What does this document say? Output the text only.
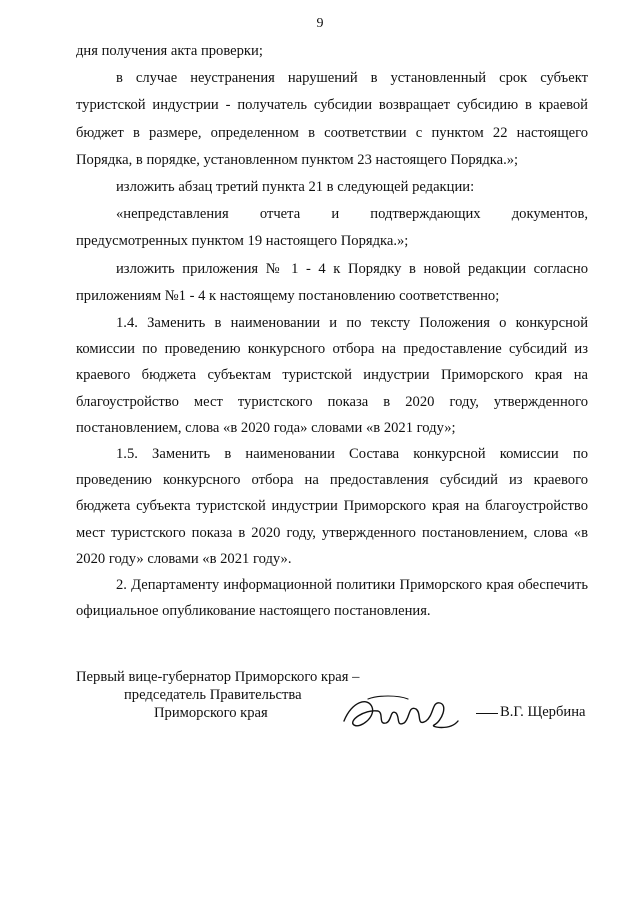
9

дня получения акта проверки;

в случае неустранения нарушений в установленный срок субъект туристской индустрии - получатель субсидии возвращает субсидию в краевой бюджет в размере, определенном в соответствии с пунктом 22 настоящего Порядка, в порядке, установленном пунктом 23 настоящего Порядка.»;

изложить абзац третий пункта 21 в следующей редакции:

«непредставления отчета и подтверждающих документов, предусмотренных пунктом 19 настоящего Порядка.»;

изложить приложения № 1 - 4 к Порядку в новой редакции согласно приложениям №1 - 4 к настоящему постановлению соответственно;

1.4. Заменить в наименовании и по тексту Положения о конкурсной комиссии по проведению конкурсного отбора на предоставление субсидий из краевого бюджета субъектам туристской индустрии Приморского края на благоустройство мест туристского показа в 2020 году, утвержденного постановлением, слова «в 2020 года» словами «в 2021 году»;

1.5. Заменить в наименовании Состава конкурсной комиссии по проведению конкурсного отбора на предоставления субсидий из краевого бюджета субъекта туристской индустрии Приморского края на благоустройство мест туристского показа в 2020 году, утвержденного постановлением, слова «в 2020 году» словами «в 2021 году».

2. Департаменту информационной политики Приморского края обеспечить официальное опубликование настоящего постановления.

Первый вице-губернатор Приморского края –
председатель Правительства
Приморского края	В.Г. Щербина
